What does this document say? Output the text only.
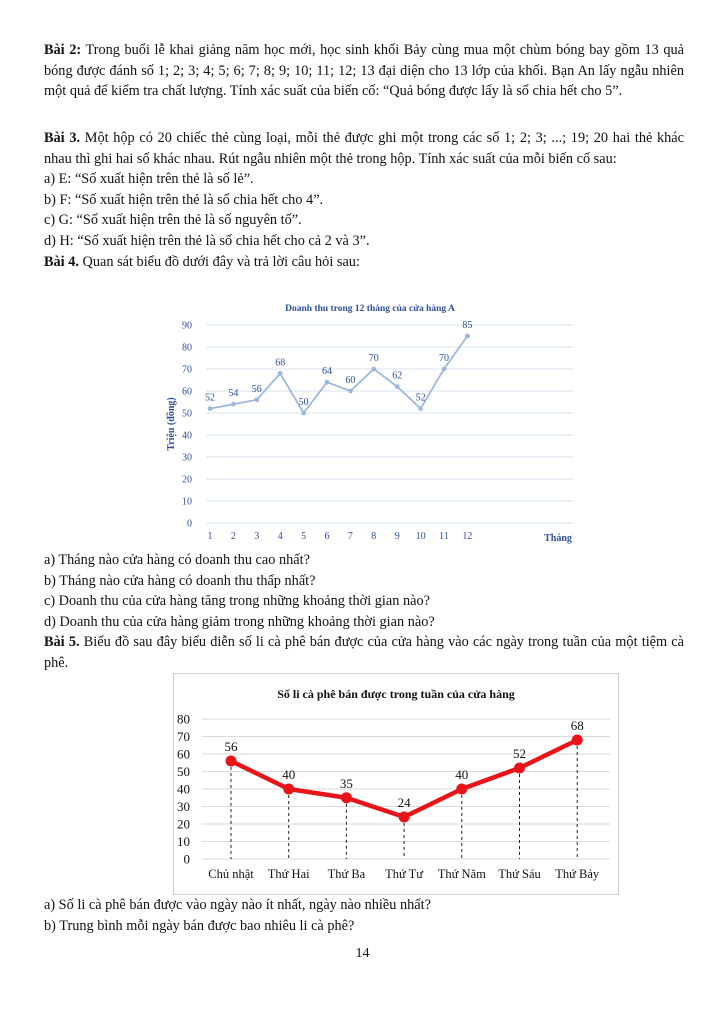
Bài 2: Trong buổi lễ khai giảng năm học mới, học sinh khối Bảy cùng mua một chùm bóng bay gồm 13 quả bóng được đánh số 1; 2; 3; 4; 5; 6; 7; 8; 9; 10; 11; 12; 13 đại diện cho 13 lớp của khối. Bạn An lấy ngẫu nhiên một quả để kiểm tra chất lượng. Tính xác suất của biến cố: “Quả bóng được lấy là số chia hết cho 5”.

Bài 3. Một hộp có 20 chiếc thẻ cùng loại, mỗi thẻ được ghi một trong các số 1; 2; 3; ...; 19; 20 hai thẻ khác nhau thì ghi hai số khác nhau. Rút ngẫu nhiên một thẻ trong hộp. Tính xác suất của mỗi biến cố sau:

a) E: “Số xuất hiện trên thẻ là số lẻ”.

b) F: “Số xuất hiện trên thẻ là số chia hết cho 4”.

c) G: “Số xuất hiện trên thẻ là số nguyên tố”.

d) H: “Số xuất hiện trên thẻ là số chia hết cho cả 2 và 3”.

Bài 4. Quan sát biểu đồ dưới đây và trả lời câu hỏi sau:

Doanh thu trong 12 tháng của cửa hàng A
0
10
20
30
40
50
60
70
80
90
Triệu (đồng)
1 2 3 4 5 6 7 8 9 10 11 12	Tháng
52 54 56
68
50
64
60
70
62
52
70
85

a) Tháng nào cửa hàng có doanh thu cao nhất?

b) Tháng nào cửa hàng có doanh thu thấp nhất?

c) Doanh thu của cửa hàng tăng trong những khoảng thời gian nào?

d) Doanh thu của cửa hàng giảm trong những khoảng thời gian nào?

Bài 5. Biểu đồ sau đây biểu diễn số li cà phê bán được của cửa hàng vào các ngày trong tuần của một tiệm cà phê.

Số li cà phê bán được trong tuần của cửa hàng
0
10
20
30
40
50
60
70
80
Chủ nhật Thứ Hai Thứ Ba Thứ Tư Thứ Năm Thứ Sáu Thứ Bảy
56
40
35
24
40
52
68

a) Số li cà phê bán được vào ngày nào ít nhất, ngày nào nhiều nhất?

b) Trung bình mỗi ngày bán được bao nhiêu li cà phê?

14
